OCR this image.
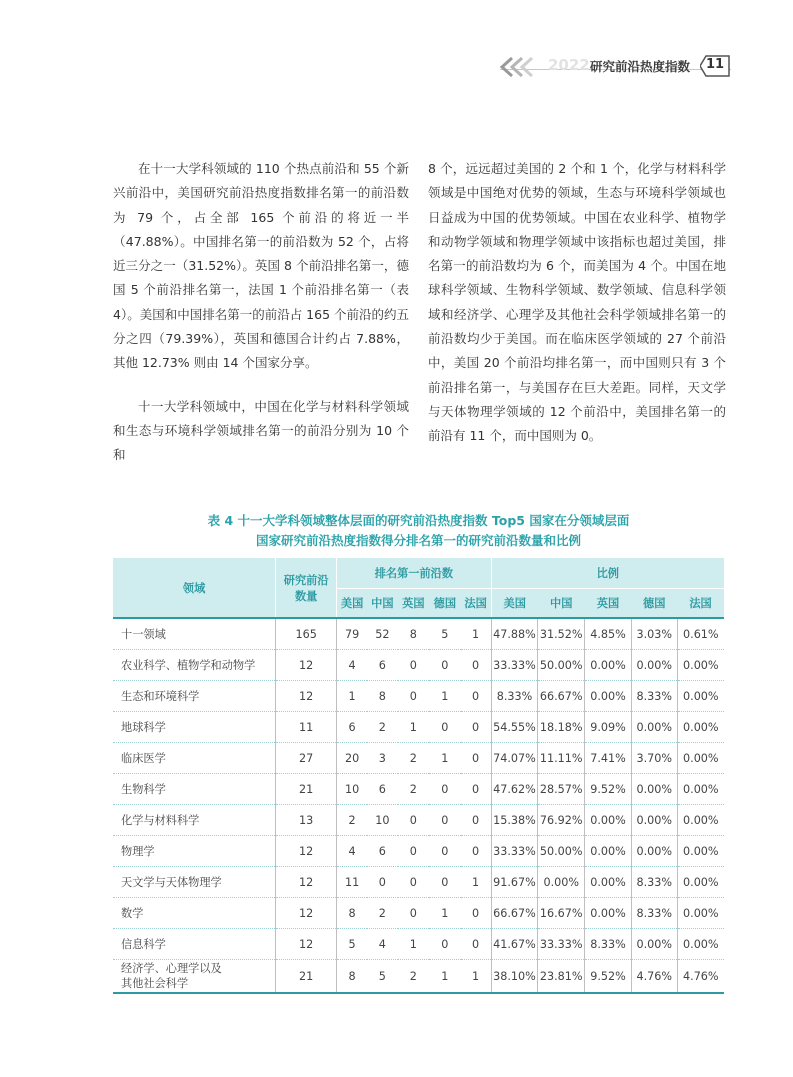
2022 研究前沿热度指数 11

在十一大学科领域的 110 个热点前沿和 55 个新兴前沿中，美国研究前沿热度指数排名第一的前沿数为 79 个，占全部 165 个前沿的将近一半（47.88%）。中国排名第一的前沿数为 52 个，占将近三分之一（31.52%）。英国 8 个前沿排名第一，德国 5 个前沿排名第一，法国 1 个前沿排名第一（表 4）。美国和中国排名第一的前沿占 165 个前沿的约五分之四（79.39%），英国和德国合计约占 7.88%，其他 12.73% 则由 14 个国家分享。

十一大学科领域中，中国在化学与材料科学领域和生态与环境科学领域排名第一的前沿分别为 10 个和

8 个，远远超过美国的 2 个和 1 个，化学与材料科学领域是中国绝对优势的领域，生态与环境科学领域也日益成为中国的优势领域。中国在农业科学、植物学和动物学领域和物理学领域中该指标也超过美国，排名第一的前沿数均为 6 个，而美国为 4 个。中国在地球科学领域、生物科学领域、数学领域、信息科学领域和经济学、心理学及其他社会科学领域排名第一的前沿数均少于美国。而在临床医学领域的 27 个前沿中，美国 20 个前沿均排名第一，而中国则只有 3 个前沿排名第一，与美国存在巨大差距。同样，天文学与天体物理学领域的 12 个前沿中，美国排名第一的前沿有 11 个，而中国则为 0。

表 4 十一大学科领域整体层面的研究前沿热度指数 Top5 国家在分领域层面
国家研究前沿热度指数得分排名第一的研究前沿数量和比例
领域	研究前沿
数量	排名第一前沿数					比例				
		美国	中国	英国	德国	法国	美国	中国	英国	德国	法国
十一领域	165	79	52	8	5	1	47.88%	31.52%	4.85%	3.03%	0.61%
农业科学、植物学和动物学	12	4	6	0	0	0	33.33%	50.00%	0.00%	0.00%	0.00%
生态和环境科学	12	1	8	0	1	0	8.33%	66.67%	0.00%	8.33%	0.00%
地球科学	11	6	2	1	0	0	54.55%	18.18%	9.09%	0.00%	0.00%
临床医学	27	20	3	2	1	0	74.07%	11.11%	7.41%	3.70%	0.00%
生物科学	21	10	6	2	0	0	47.62%	28.57%	9.52%	0.00%	0.00%
化学与材料科学	13	2	10	0	0	0	15.38%	76.92%	0.00%	0.00%	0.00%
物理学	12	4	6	0	0	0	33.33%	50.00%	0.00%	0.00%	0.00%
天文学与天体物理学	12	11	0	0	0	1	91.67%	0.00%	0.00%	8.33%	0.00%
数学	12	8	2	0	1	0	66.67%	16.67%	0.00%	8.33%	0.00%
信息科学	12	5	4	1	0	0	41.67%	33.33%	8.33%	0.00%	0.00%

经济学、心理学以及
其他社会科学	21	8	5	2	1	1	38.10%	23.81%	9.52%	4.76%	4.76%
